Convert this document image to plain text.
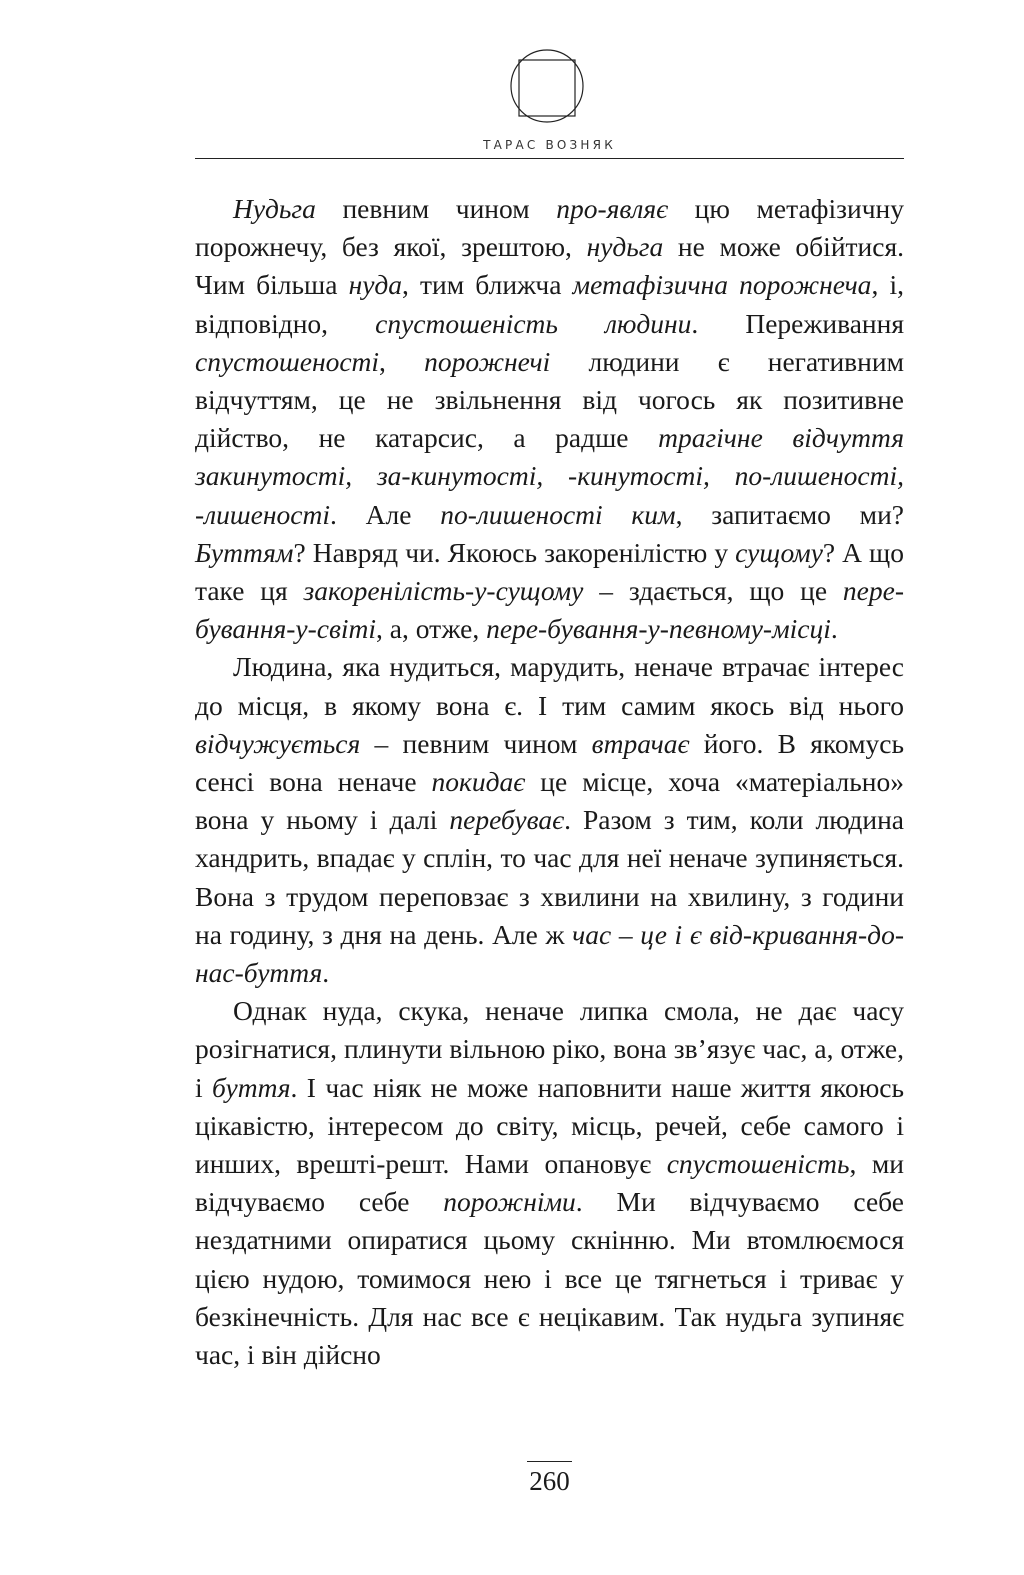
ТАРАС ВОЗНЯК

Нудьга певним чином про-являє цю метафізичну порожнечу, без якої, зрештою, нудьга не може обійтися. Чим більша нуда, тим ближча метафізична порожнеча, і, відповідно, спустошеність людини. Переживання спустошеності, порожнечі людини є негативним відчуттям, це не звільнення від чогось як позитивне дійство, не катарсис, а радше трагічне відчуття закинутості, за-кинутості, -кинутості, по-лишеності, -лишеності. Але по-лишеності ким, запитаємо ми? Буттям? Навряд чи. Якоюсь закоренілістю у сущому? А що таке ця закоренілість-у-сущому – здається, що це пере-бування-у-світі, а, отже, пере-бування-у-певному-місці.

Людина, яка нудиться, марудить, неначе втрачає інтерес до місця, в якому вона є. І тим самим якось від нього відчужується – певним чином втрачає його. В якомусь сенсі вона неначе покидає це місце, хоча «матеріально» вона у ньому і далі перебуває. Разом з тим, коли людина хандрить, впадає у сплін, то час для неї неначе зупиняється. Вона з трудом переповзає з хвилини на хвилину, з години на годину, з дня на день. Але ж час – це і є від-кривання-до-нас-буття.

Однак нуда, скука, неначе липка смола, не дає часу розігнатися, плинути вільною ріко, вона зв’язує час, а, отже, і буття. І час ніяк не може наповнити наше життя якоюсь цікавістю, інтересом до світу, місць, речей, себе самого і инших, врешті-решт. Нами опановує спустошеність, ми відчуваємо себе порожніми. Ми відчуваємо себе нездатними опиратися цьому скнінню. Ми втомлюємося цією нудою, томимося нею і все це тягнеться і триває у безкінечність. Для нас все є нецікавим. Так нудьга зупиняє час, і він дійсно

260
